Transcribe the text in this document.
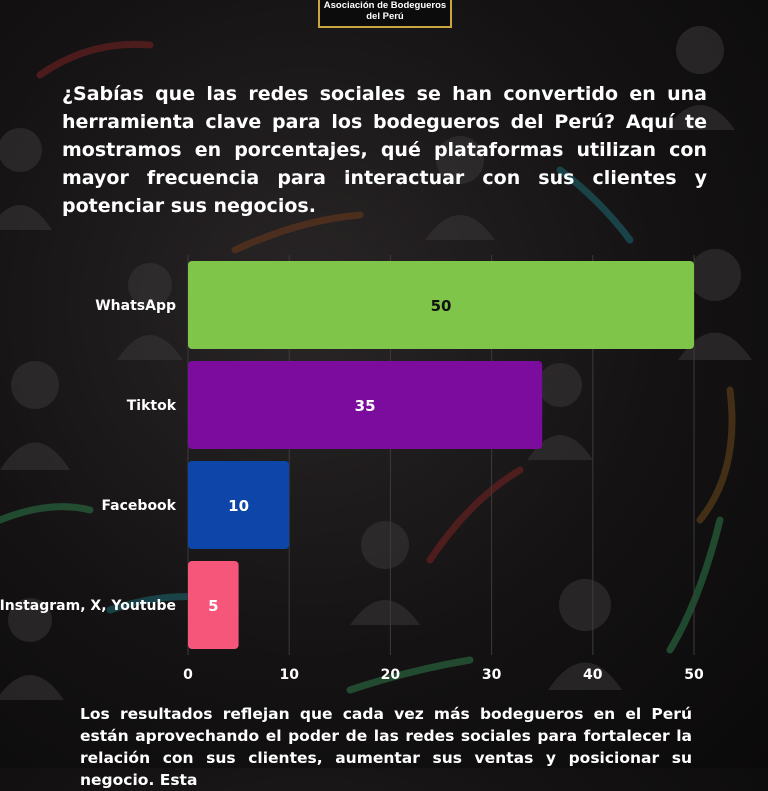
Asociación de Bodegueros
del Perú

¿Sabías que las redes sociales se han convertido en una herramienta clave para los bodegueros del Perú? Aquí te mostramos en porcentajes, qué plataformas utilizan con mayor frecuencia para interactuar con sus clientes y potenciar sus negocios.

0	10	20	30	40	50
WhatsApp	50
Tiktok	35
Facebook	10
Instagram, X, Youtube 5

Los resultados reflejan que cada vez más bodegueros en el Perú están aprovechando el poder de las redes sociales para fortalecer la relación con sus clientes, aumentar sus ventas y posicionar su negocio. Esta
